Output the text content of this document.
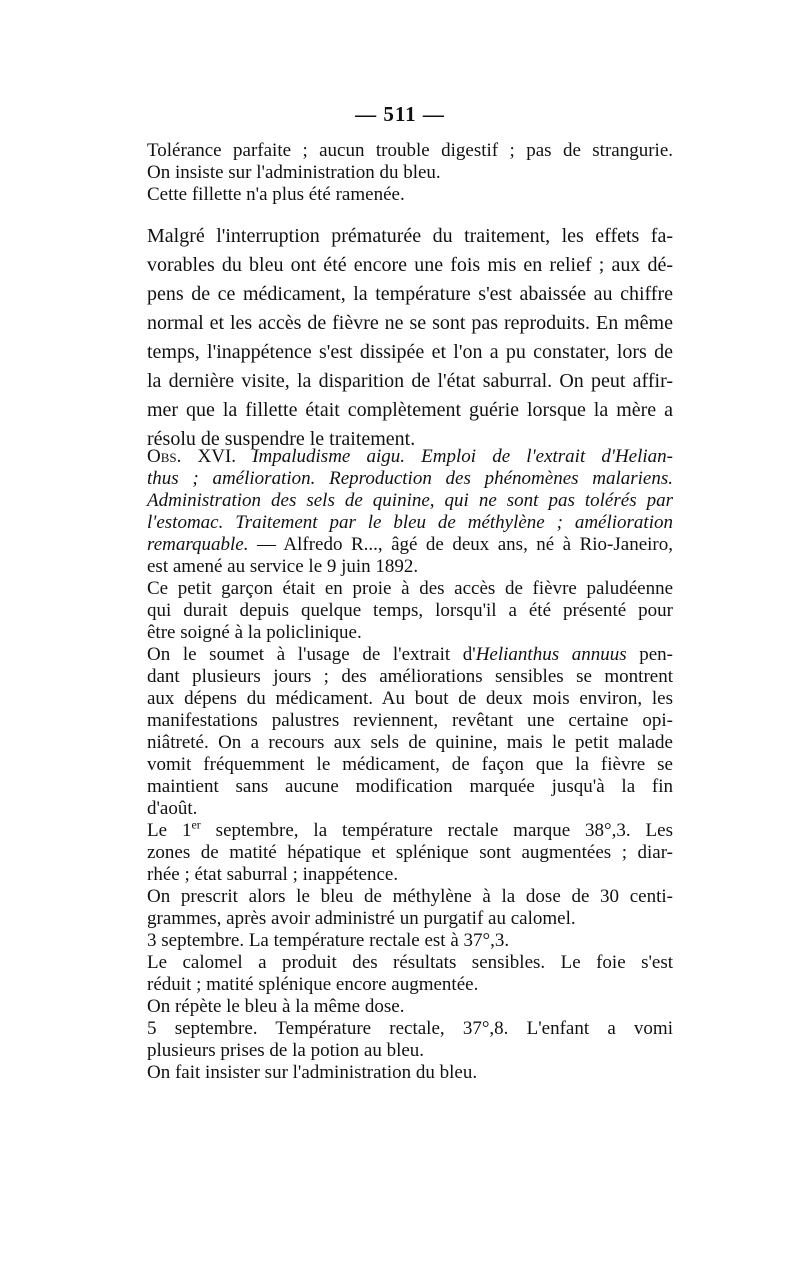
— 511 —
Tolérance parfaite ; aucun trouble digestif ; pas de strangurie.
On insiste sur l'administration du bleu.
Cette fillette n'a plus été ramenée.
Malgré l'interruption prématurée du traitement, les effets fa-
vorables du bleu ont été encore une fois mis en relief ; aux dé-
pens de ce médicament, la température s'est abaissée au chiffre
normal et les accès de fièvre ne se sont pas reproduits. En même
temps, l'inappétence s'est dissipée et l'on a pu constater, lors de
la dernière visite, la disparition de l'état saburral. On peut affir-
mer que la fillette était complètement guérie lorsque la mère a
résolu de suspendre le traitement.
Obs. XVI. Impaludisme aigu. Emploi de l'extrait d'Helian-
thus ; amélioration. Reproduction des phénomènes malariens.
Administration des sels de quinine, qui ne sont pas tolérés par
l'estomac. Traitement par le bleu de méthylène ; amélioration
remarquable. — Alfredo R..., âgé de deux ans, né à Rio-Janeiro,
est amené au service le 9 juin 1892.
Ce petit garçon était en proie à des accès de fièvre paludéenne
qui durait depuis quelque temps, lorsqu'il a été présenté pour
être soigné à la policlinique.
On le soumet à l'usage de l'extrait d'Helianthus annuus pen-
dant plusieurs jours ; des améliorations sensibles se montrent
aux dépens du médicament. Au bout de deux mois environ, les
manifestations palustres reviennent, revêtant une certaine opi-
niâtreté. On a recours aux sels de quinine, mais le petit malade
vomit fréquemment le médicament, de façon que la fièvre se
maintient sans aucune modification marquée jusqu'à la fin
d'août.
Le 1er septembre, la température rectale marque 38°,3. Les
zones de matité hépatique et splénique sont augmentées ; diar-
rhée ; état saburral ; inappétence.
On prescrit alors le bleu de méthylène à la dose de 30 centi-
grammes, après avoir administré un purgatif au calomel.
3 septembre. La température rectale est à 37°,3.
Le calomel a produit des résultats sensibles. Le foie s'est
réduit ; matité splénique encore augmentée.
On répète le bleu à la même dose.
5 septembre. Température rectale, 37°,8. L'enfant a vomi
plusieurs prises de la potion au bleu.
On fait insister sur l'administration du bleu.
